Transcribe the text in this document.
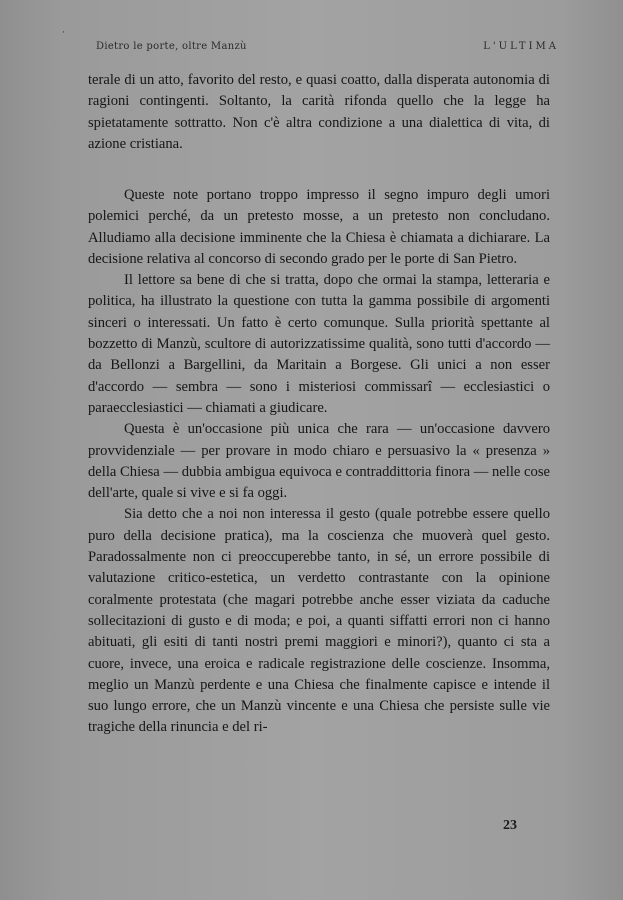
·
Dietro le porte, oltre Manzù	L'ULTIMA

terale di un atto, favorito del resto, e quasi coatto, dalla disperata autonomia di ragioni contingenti. Soltanto, la carità rifonda quello che la legge ha spietatamente sottratto. Non c'è altra condizione a una dialettica di vita, di azione cristiana.

Queste note portano troppo impresso il segno impuro degli umori polemici perché, da un pretesto mosse, a un pretesto non concludano. Alludiamo alla decisione imminente che la Chiesa è chiamata a dichiarare. La decisione relativa al concorso di secondo grado per le porte di San Pietro.

Il lettore sa bene di che si tratta, dopo che ormai la stampa, letteraria e politica, ha illustrato la questione con tutta la gamma possibile di argomenti sinceri o interessati. Un fatto è certo comunque. Sulla priorità spettante al bozzetto di Manzù, scultore di autorizzatissime qualità, sono tutti d'accordo — da Bellonzi a Bargellini, da Maritain a Borgese. Gli unici a non esser d'accordo — sembra — sono i misteriosi commissarî — ecclesiastici o paraecclesiastici — chiamati a giudicare.

Questa è un'occasione più unica che rara — un'occasione davvero provvidenziale — per provare in modo chiaro e persuasivo la « presenza » della Chiesa — dubbia ambigua equivoca e contraddittoria finora — nelle cose dell'arte, quale si vive e si fa oggi.

Sia detto che a noi non interessa il gesto (quale potrebbe essere quello puro della decisione pratica), ma la coscienza che muoverà quel gesto. Paradossalmente non ci preoccuperebbe tanto, in sé, un errore possibile di valutazione critico-estetica, un verdetto contrastante con la opinione coralmente protestata (che magari potrebbe anche esser viziata da caduche sollecitazioni di gusto e di moda; e poi, a quanti siffatti errori non ci hanno abituati, gli esiti di tanti nostri premi maggiori e minori?), quanto ci sta a cuore, invece, una eroica e radicale registrazione delle coscienze. Insomma, meglio un Manzù perdente e una Chiesa che finalmente capisce e intende il suo lungo errore, che un Manzù vincente e una Chiesa che persiste sulle vie tragiche della rinuncia e del ri-

23
